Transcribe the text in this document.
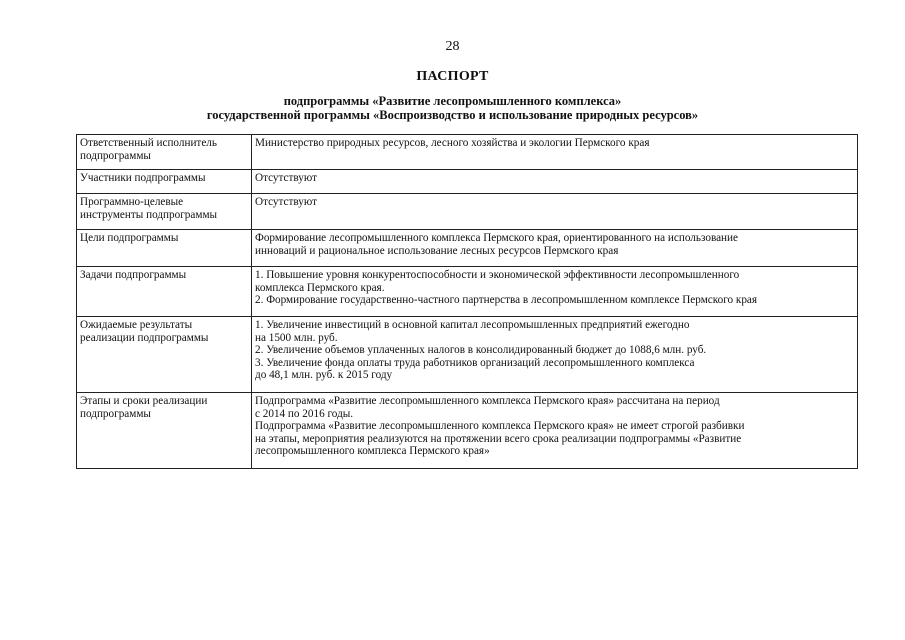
28
ПАСПОРТ
подпрограммы «Развитие лесопромышленного комплекса»
государственной программы «Воспроизводство и использование природных ресурсов»
Ответственный исполнитель
подпрограммы	Министерство природных ресурсов, лесного хозяйства и экологии Пермского края

Участники подпрограммы	Отсутствуют

Программно-целевые
инструменты подпрограммы	Отсутствуют

Цели подпрограммы	Формирование лесопромышленного комплекса Пермского края, ориентированного на использование
инноваций и рациональное использование лесных ресурсов Пермского края

Задачи подпрограммы	1. Повышение уровня конкурентоспособности и экономической эффективности лесопромышленного
комплекса Пермского края.
2. Формирование государственно-частного партнерства в лесопромышленном комплексе Пермского края

Ожидаемые результаты
реализации подпрограммы	1. Увеличение инвестиций в основной капитал лесопромышленных предприятий ежегодно
на 1500 млн. руб.
2. Увеличение объемов уплаченных налогов в консолидированный бюджет до 1088,6 млн. руб.
3. Увеличение фонда оплаты труда работников организаций лесопромышленного комплекса
до 48,1 млн. руб. к 2015 году

Этапы и сроки реализации
подпрограммы	Подпрограмма «Развитие лесопромышленного комплекса Пермского края» рассчитана на период
с 2014 по 2016 годы.
Подпрограмма «Развитие лесопромышленного комплекса Пермского края» не имеет строгой разбивки
на этапы, мероприятия реализуются на протяжении всего срока реализации подпрограммы «Развитие
лесопромышленного комплекса Пермского края»
